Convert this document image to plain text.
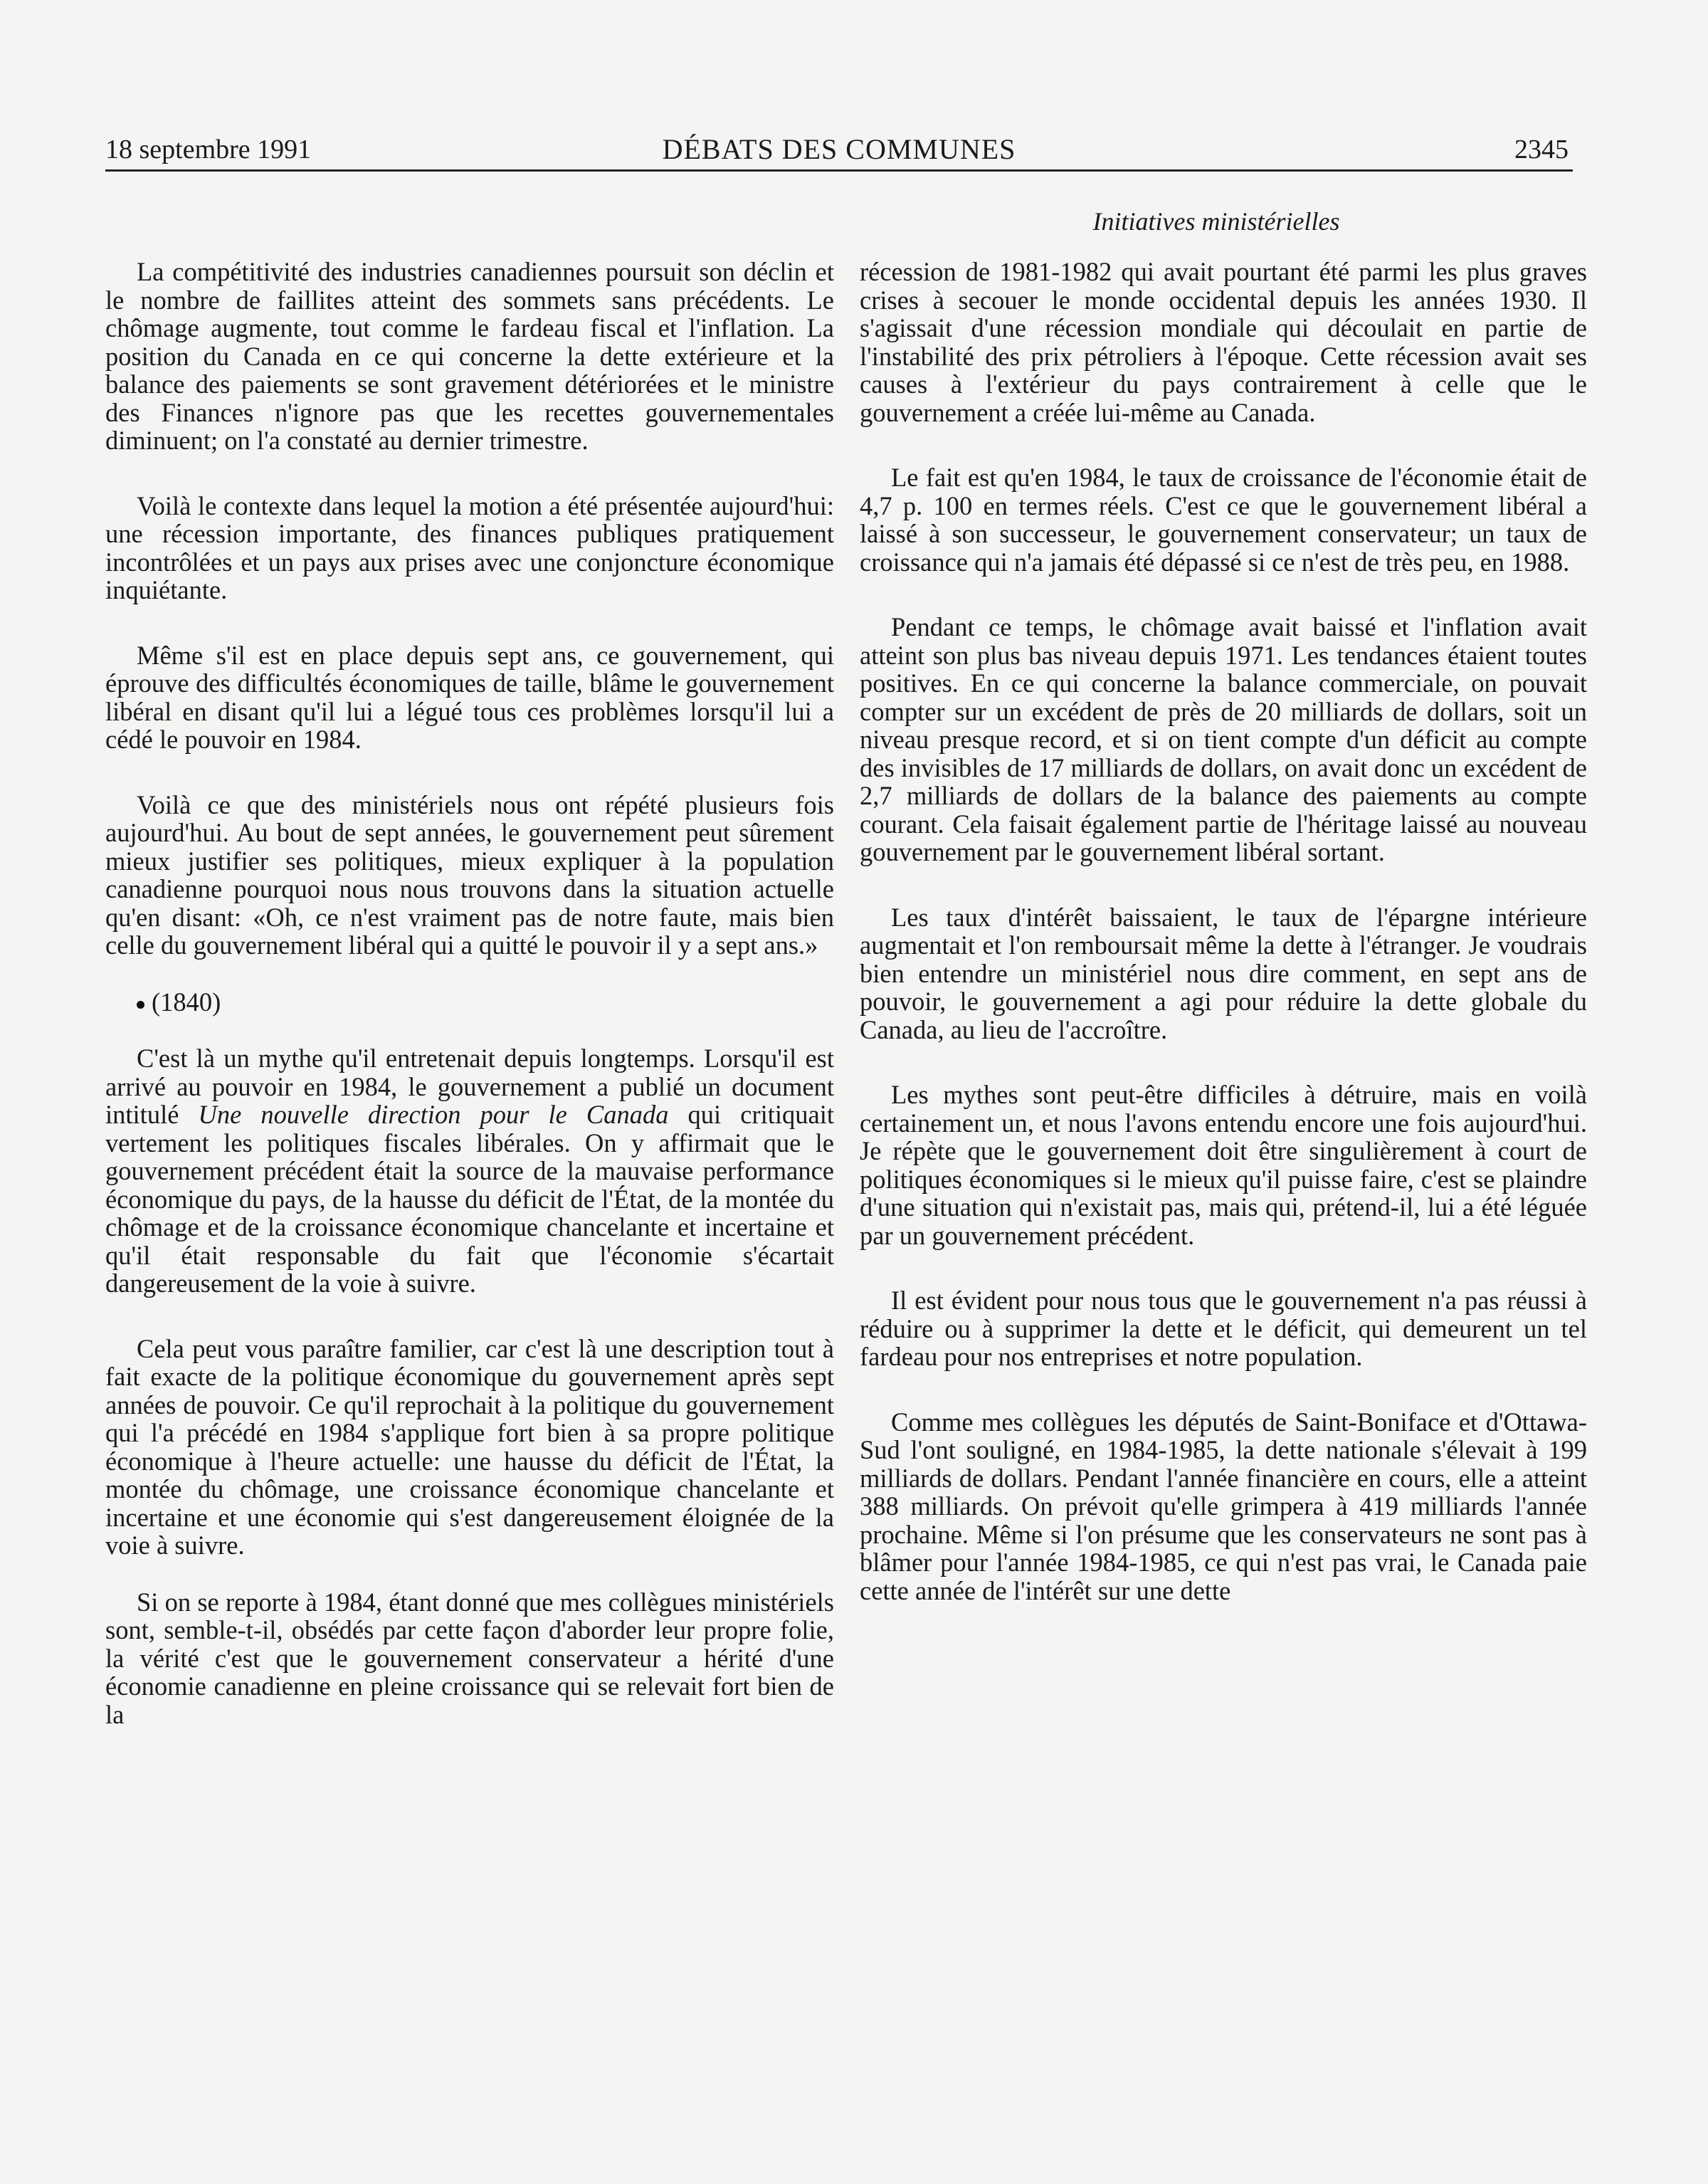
18 septembre 1991	DÉBATS DES COMMUNES	2345
Initiatives ministérielles

La compétitivité des industries canadiennes poursuit son déclin et le nombre de faillites atteint des sommets sans précédents. Le chômage augmente, tout comme le fardeau fiscal et l'inflation. La position du Canada en ce qui concerne la dette extérieure et la balance des paiements se sont gravement détériorées et le ministre des Finances n'ignore pas que les recettes gouvernementales diminuent; on l'a constaté au dernier trimestre.

Voilà le contexte dans lequel la motion a été présentée aujourd'hui: une récession importante, des finances publiques pratiquement incontrôlées et un pays aux prises avec une conjoncture économique inquiétante.

Même s'il est en place depuis sept ans, ce gouvernement, qui éprouve des difficultés économiques de taille, blâme le gouvernement libéral en disant qu'il lui a légué tous ces problèmes lorsqu'il lui a cédé le pouvoir en 1984.

Voilà ce que des ministériels nous ont répété plusieurs fois aujourd'hui. Au bout de sept années, le gouvernement peut sûrement mieux justifier ses politiques, mieux expliquer à la population canadienne pourquoi nous nous trouvons dans la situation actuelle qu'en disant: «Oh, ce n'est vraiment pas de notre faute, mais bien celle du gouvernement libéral qui a quitté le pouvoir il y a sept ans.»

(1840)

C'est là un mythe qu'il entretenait depuis longtemps. Lorsqu'il est arrivé au pouvoir en 1984, le gouvernement a publié un document intitulé Une nouvelle direction pour le Canada qui critiquait vertement les politiques fiscales libérales. On y affirmait que le gouvernement précédent était la source de la mauvaise performance économique du pays, de la hausse du déficit de l'État, de la montée du chômage et de la croissance économique chancelante et incertaine et qu'il était responsable du fait que l'économie s'écartait dangereusement de la voie à suivre.

Cela peut vous paraître familier, car c'est là une description tout à fait exacte de la politique économique du gouvernement après sept années de pouvoir. Ce qu'il reprochait à la politique du gouvernement qui l'a précédé en 1984 s'applique fort bien à sa propre politique économique à l'heure actuelle: une hausse du déficit de l'État, la montée du chômage, une croissance économique chancelante et incertaine et une économie qui s'est dangereusement éloignée de la voie à suivre.

Si on se reporte à 1984, étant donné que mes collègues ministériels sont, semble-t-il, obsédés par cette façon d'aborder leur propre folie, la vérité c'est que le gouvernement conservateur a hérité d'une économie canadienne en pleine croissance qui se relevait fort bien de la

récession de 1981-1982 qui avait pourtant été parmi les plus graves crises à secouer le monde occidental depuis les années 1930. Il s'agissait d'une récession mondiale qui découlait en partie de l'instabilité des prix pétroliers à l'époque. Cette récession avait ses causes à l'extérieur du pays contrairement à celle que le gouvernement a créée lui-même au Canada.

Le fait est qu'en 1984, le taux de croissance de l'économie était de 4,7 p. 100 en termes réels. C'est ce que le gouvernement libéral a laissé à son successeur, le gouvernement conservateur; un taux de croissance qui n'a jamais été dépassé si ce n'est de très peu, en 1988.

Pendant ce temps, le chômage avait baissé et l'inflation avait atteint son plus bas niveau depuis 1971. Les tendances étaient toutes positives. En ce qui concerne la balance commerciale, on pouvait compter sur un excédent de près de 20 milliards de dollars, soit un niveau presque record, et si on tient compte d'un déficit au compte des invisibles de 17 milliards de dollars, on avait donc un excédent de 2,7 milliards de dollars de la balance des paiements au compte courant. Cela faisait également partie de l'héritage laissé au nouveau gouvernement par le gouvernement libéral sortant.

Les taux d'intérêt baissaient, le taux de l'épargne intérieure augmentait et l'on remboursait même la dette à l'étranger. Je voudrais bien entendre un ministériel nous dire comment, en sept ans de pouvoir, le gouvernement a agi pour réduire la dette globale du Canada, au lieu de l'accroître.

Les mythes sont peut-être difficiles à détruire, mais en voilà certainement un, et nous l'avons entendu encore une fois aujourd'hui. Je répète que le gouvernement doit être singulièrement à court de politiques économiques si le mieux qu'il puisse faire, c'est se plaindre d'une situation qui n'existait pas, mais qui, prétend-il, lui a été léguée par un gouvernement précédent.

Il est évident pour nous tous que le gouvernement n'a pas réussi à réduire ou à supprimer la dette et le déficit, qui demeurent un tel fardeau pour nos entreprises et notre population.

Comme mes collègues les députés de Saint-Boniface et d'Ottawa-Sud l'ont souligné, en 1984-1985, la dette nationale s'élevait à 199 milliards de dollars. Pendant l'année financière en cours, elle a atteint 388 milliards. On prévoit qu'elle grimpera à 419 milliards l'année prochaine. Même si l'on présume que les conservateurs ne sont pas à blâmer pour l'année 1984-1985, ce qui n'est pas vrai, le Canada paie cette année de l'intérêt sur une dette
